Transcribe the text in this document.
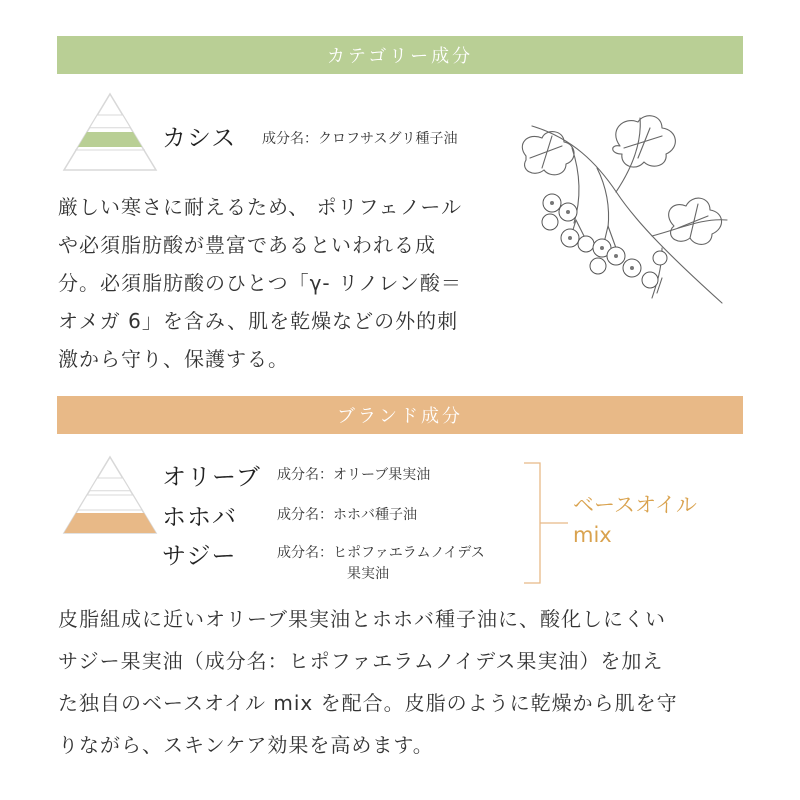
カテゴリー成分
カシス 成分名：クロフサスグリ種子油
厳しい寒さに耐えるため、 ポリフェノール
や必須脂肪酸が豊富であるといわれる成
分。必須脂肪酸のひとつ「γ- リノレン酸＝
オメガ 6」を含み、肌を乾燥などの外的刺
激から守り、保護する。
ブランド成分
オリーブ 成分名：オリーブ果実油
ホホバ	成分名：ホホバ種子油
サジー	成分名：ヒポファエラムノイデス
果実油
ベースオイル
mix
皮脂組成に近いオリーブ果実油とホホバ種子油に、酸化しにくい
サジー果実油（成分名：ヒポファエラムノイデス果実油）を加え
た独自のベースオイル mix を配合。皮脂のように乾燥から肌を守
りながら、スキンケア効果を高めます。
